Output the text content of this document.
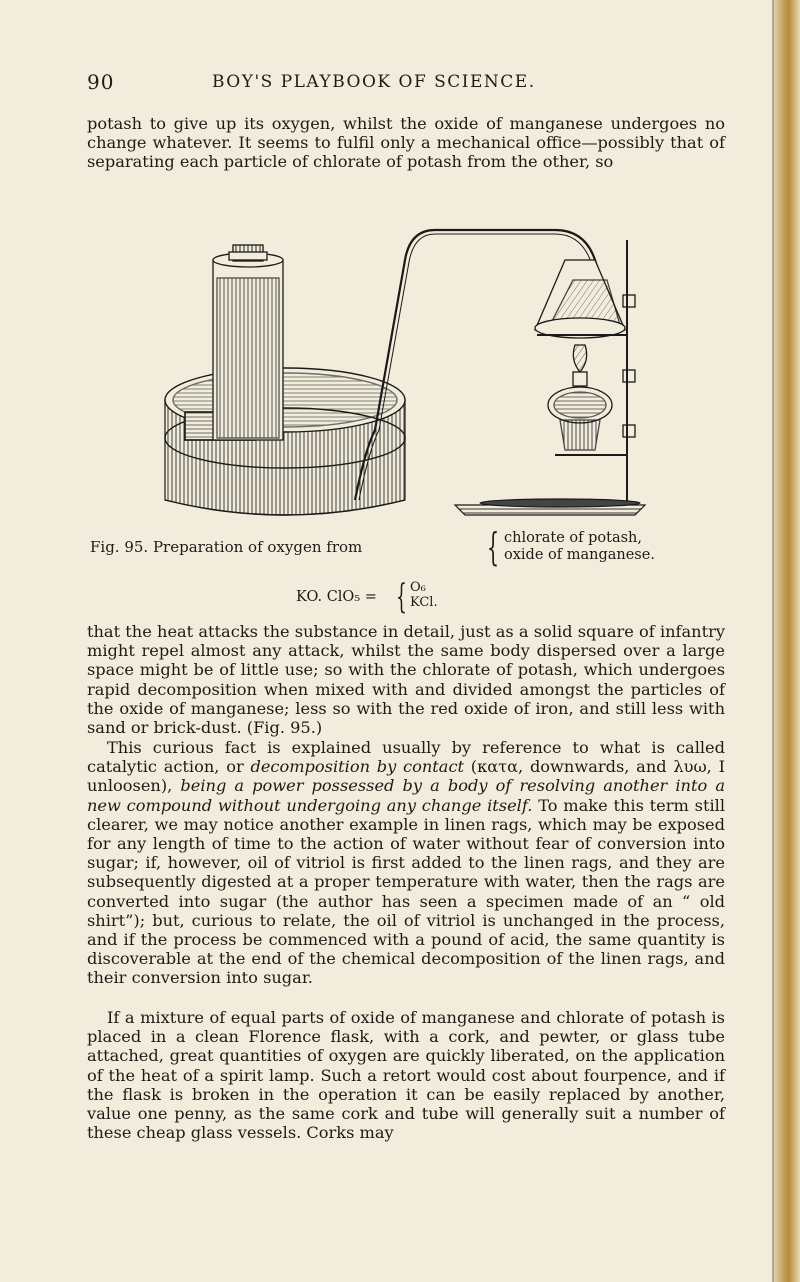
90	BOY'S PLAYBOOK OF SCIENCE.

potash to give up its oxygen, whilst the oxide of manganese undergoes no change whatever. It seems to fulfil only a mechanical office—possibly that of separating each particle of chlorate of potash from the other, so

Fig. 95. Preparation of oxygen from	{ chlorate of potash,
oxide of manganese.
KO. ClO₅ = { O₆
KCl.

that the heat attacks the substance in detail, just as a solid square of infantry might repel almost any attack, whilst the same body dispersed over a large space might be of little use; so with the chlorate of potash, which undergoes rapid decomposition when mixed with and divided amongst the particles of the oxide of manganese; less so with the red oxide of iron, and still less with sand or brick-dust. (Fig. 95.)

This curious fact is explained usually by reference to what is called catalytic action, or decomposition by contact (κατα, downwards, and λυω, I unloosen), being a power possessed by a body of resolving another into a new compound without undergoing any change itself. To make this term still clearer, we may notice another example in linen rags, which may be exposed for any length of time to the action of water without fear of conversion into sugar; if, however, oil of vitriol is first added to the linen rags, and they are subsequently digested at a proper temperature with water, then the rags are converted into sugar (the author has seen a specimen made of an “ old shirt”); but, curious to relate, the oil of vitriol is unchanged in the process, and if the process be commenced with a pound of acid, the same quantity is discoverable at the end of the chemical decomposition of the linen rags, and their conversion into sugar.

If a mixture of equal parts of oxide of manganese and chlorate of potash is placed in a clean Florence flask, with a cork, and pewter, or glass tube attached, great quantities of oxygen are quickly liberated, on the application of the heat of a spirit lamp. Such a retort would cost about fourpence, and if the flask is broken in the operation it can be easily replaced by another, value one penny, as the same cork and tube will generally suit a number of these cheap glass vessels. Corks may
